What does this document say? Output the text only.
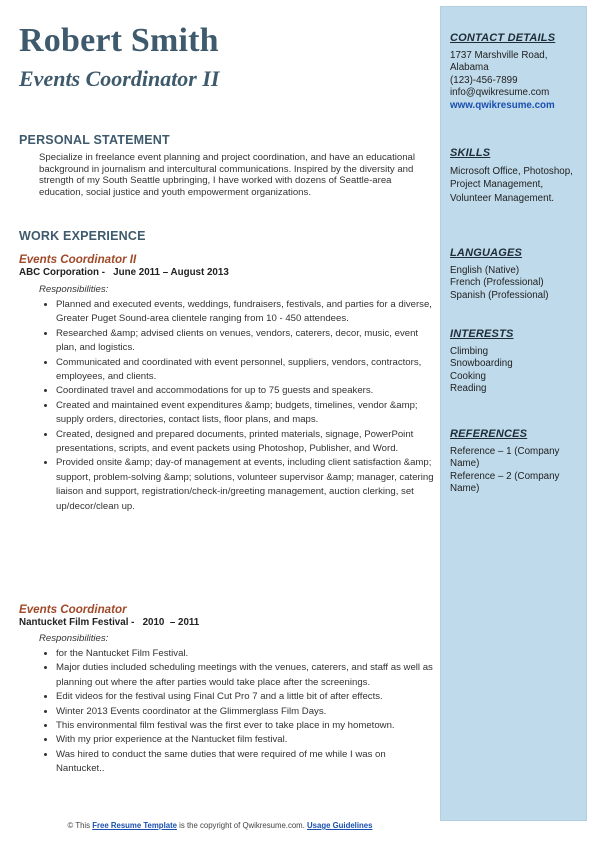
Robert Smith
Events Coordinator II
PERSONAL STATEMENT

Specialize in freelance event planning and project coordination, and have an educational background in journalism and intercultural communications. Inspired by the diversity and strength of my South Seattle upbringing, I have worked with dozens of Seattle-area education, social justice and youth empowerment organizations.

WORK EXPERIENCE
Events Coordinator II
ABC Corporation -   June 2011 – August 2013
Responsibilities:
• Planned and executed events, weddings, fundraisers, festivals, and parties for a diverse, Greater Puget Sound-area clientele ranging from 10 - 450 attendees.
• Researched &amp; advised clients on venues, vendors, caterers, decor, music, event plan, and logistics.
• Communicated and coordinated with event personnel, suppliers, vendors, contractors, employees, and clients.
• Coordinated travel and accommodations for up to 75 guests and speakers.
• Created and maintained event expenditures &amp; budgets, timelines, vendor &amp; supply orders, directories, contact lists, floor plans, and maps.
• Created, designed and prepared documents, printed materials, signage, PowerPoint presentations, scripts, and event packets using Photoshop, Publisher, and Word.
• Provided onsite &amp; day-of management at events, including client satisfaction &amp; support, problem-solving &amp; solutions, volunteer supervisor &amp; manager, catering liaison and support, registration/check-in/greeting management, auction clerking, set up/decor/clean up.
Events Coordinator
Nantucket Film Festival -   2010  – 2011
Responsibilities:
• for the Nantucket Film Festival.
• Major duties included scheduling meetings with the venues, caterers, and staff as well as planning out where the after parties would take place after the screenings.
• Edit videos for the festival using Final Cut Pro 7 and a little bit of after effects.
• Winter 2013 Events coordinator at the Glimmerglass Film Days.
• This environmental film festival was the first ever to take place in my hometown.
• With my prior experience at the Nantucket film festival.
• Was hired to conduct the same duties that were required of me while I was on Nantucket..
© This Free Resume Template is the copyright of Qwikresume.com. Usage Guidelines
CONTACT DETAILS

1737 Marshville Road, Alabama

(123)-456-7899

info@qwikresume.com

www.qwikresume.com

SKILLS

Microsoft Office, Photoshop, Project Management, Volunteer Management.

LANGUAGES

English (Native)

French (Professional)

Spanish (Professional)

INTERESTS

Climbing

Snowboarding

Cooking

Reading

REFERENCES

Reference – 1 (Company Name)

Reference – 2 (Company Name)
